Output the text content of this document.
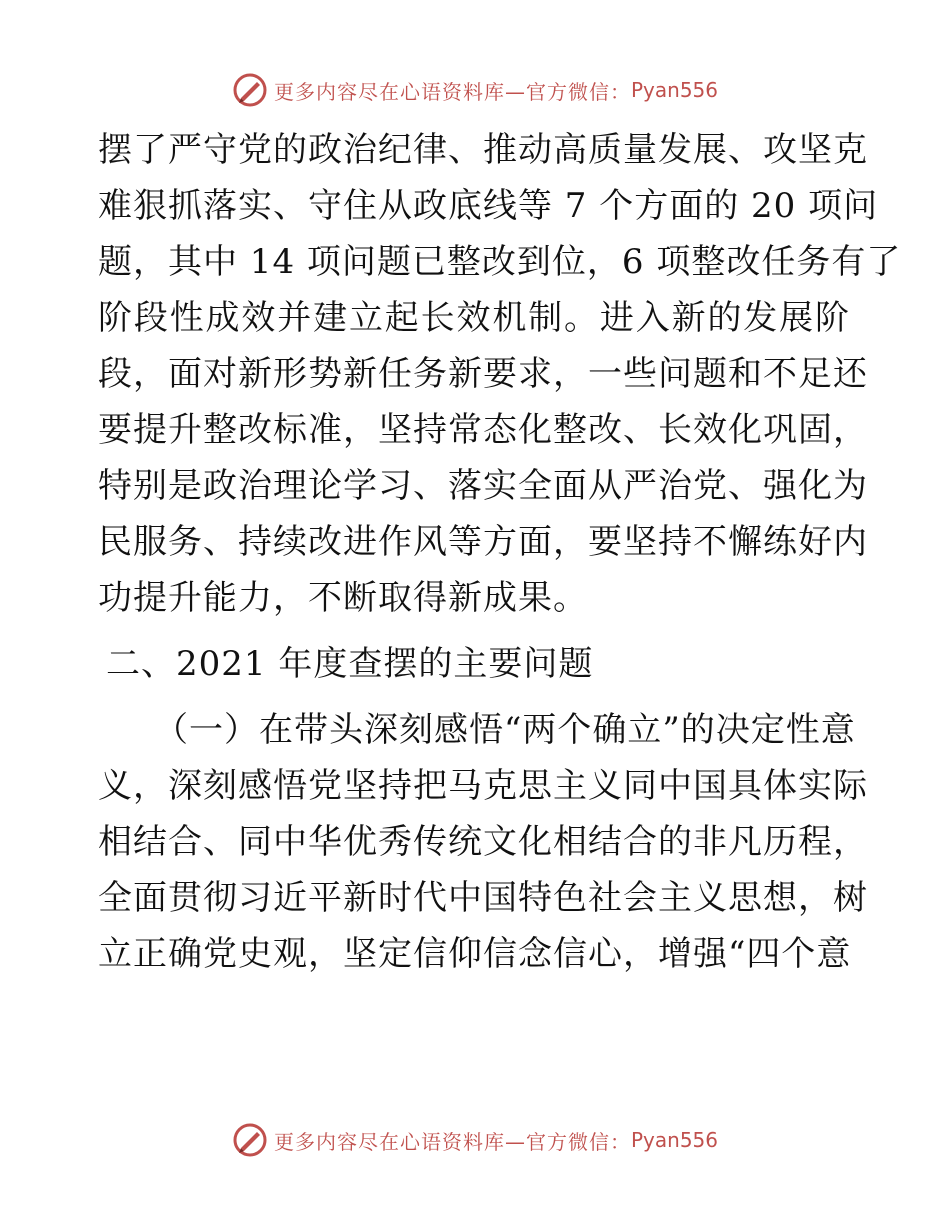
更多内容尽在心语资料库—官方微信： Pyan556

摆了严守党的政治纪律、推动高质量发展、攻坚克

难狠抓落实、守住从政底线等 7 个方面的 20 项问

题，其中 14 项问题已整改到位，6 项整改任务有了

阶段性成效并建立起长效机制。进入新的发展阶

段，面对新形势新任务新要求，一些问题和不足还

要提升整改标准，坚持常态化整改、长效化巩固，

特别是政治理论学习、落实全面从严治党、强化为

民服务、持续改进作风等方面，要坚持不懈练好内

功提升能力，不断取得新成果。

二、2021 年度查摆的主要问题

（一）在带头深刻感悟“两个确立”的决定性意

义，深刻感悟党坚持把马克思主义同中国具体实际

相结合、同中华优秀传统文化相结合的非凡历程，

全面贯彻习近平新时代中国特色社会主义思想，树

立正确党史观，坚定信仰信念信心，增强“四个意

更多内容尽在心语资料库—官方微信： Pyan556
